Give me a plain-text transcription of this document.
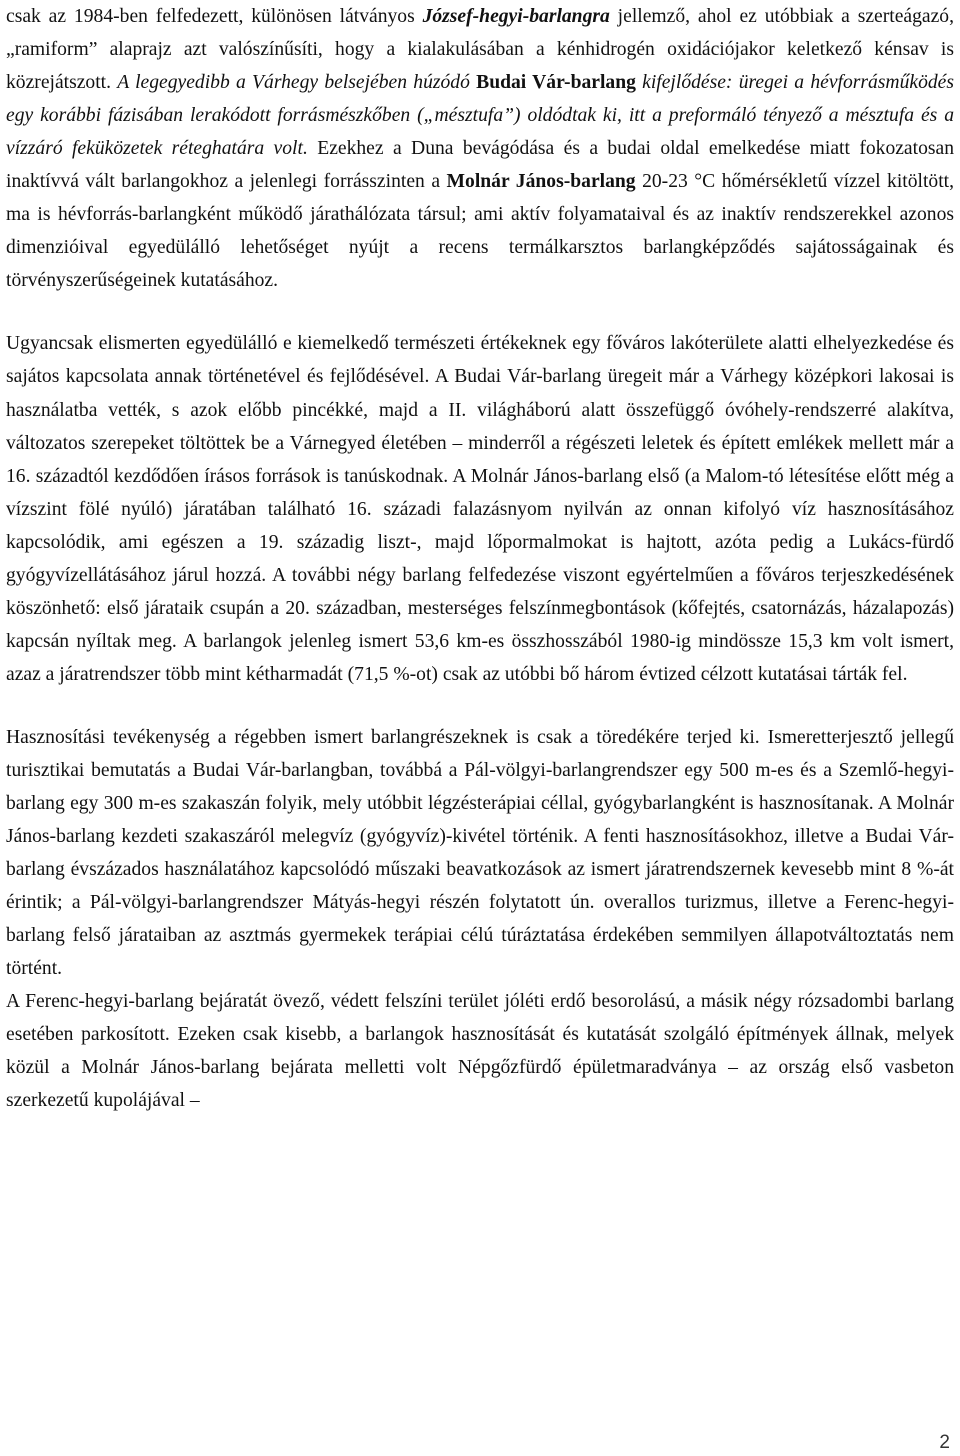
csak az 1984-ben felfedezett, különösen látványos József-hegyi-barlangra jellemző, ahol ez utóbbiak a szerteágazó, „ramiform” alaprajz azt valószínűsíti, hogy a kialakulásában a kénhidrogén oxidációjakor keletkező kénsav is közrejátszott. A legegyedibb a Várhegy belsejében húzódó Budai Vár-barlang kifejlődése: üregei a hévforrásműködés egy korábbi fázisában lerakódott forrásmészkőben („mésztufa”) oldódtak ki, itt a preformáló tényező a mésztufa és a vízzáró feküközetek réteghatára volt. Ezekhez a Duna bevágódása és a budai oldal emelkedése miatt fokozatosan inaktívvá vált barlangokhoz a jelenlegi forrásszinten a Molnár János-barlang 20-23 °C hőmérsékletű vízzel kitöltött, ma is hévforrás-barlangként működő járathálózata társul; ami aktív folyamataival és az inaktív rendszerekkel azonos dimenzióival egyedülálló lehetőséget nyújt a recens termálkarsztos barlangképződés sajátosságainak és törvényszerűségeinek kutatásához.

Ugyancsak elismerten egyedülálló e kiemelkedő természeti értékeknek egy főváros lakóterülete alatti elhelyezkedése és sajátos kapcsolata annak történetével és fejlődésével. A Budai Vár-barlang üregeit már a Várhegy középkori lakosai is használatba vették, s azok előbb pincékké, majd a II. világháború alatt összefüggő óvóhely-rendszerré alakítva, változatos szerepeket töltöttek be a Várnegyed életében – minderről a régészeti leletek és épített emlékek mellett már a 16. századtól kezdődően írásos források is tanúskodnak. A Molnár János-barlang első (a Malom-tó létesítése előtt még a vízszint fölé nyúló) járatában található 16. századi falazásnyom nyilván az onnan kifolyó víz hasznosításához kapcsolódik, ami egészen a 19. századig liszt-, majd lőpormalmokat is hajtott, azóta pedig a Lukács-fürdő gyógyvízellátásához járul hozzá. A további négy barlang felfedezése viszont egyértelműen a főváros terjeszkedésének köszönhető: első járataik csupán a 20. században, mesterséges felszínmegbontások (kőfejtés, csatornázás, házalapozás) kapcsán nyíltak meg. A barlangok jelenleg ismert 53,6 km-es összhosszából 1980-ig mindössze 15,3 km volt ismert, azaz a járatrendszer több mint kétharmadát (71,5 %-ot) csak az utóbbi bő három évtized célzott kutatásai tárták fel.

Hasznosítási tevékenység a régebben ismert barlangrészeknek is csak a töredékére terjed ki. Ismeretterjesztő jellegű turisztikai bemutatás a Budai Vár-barlangban, továbbá a Pál-völgyi-barlangrendszer egy 500 m-es és a Szemlő-hegyi-barlang egy 300 m-es szakaszán folyik, mely utóbbit légzésterápiai céllal, gyógybarlangként is hasznosítanak. A Molnár János-barlang kezdeti szakaszáról melegvíz (gyógyvíz)-kivétel történik. A fenti hasznosításokhoz, illetve a Budai Vár-barlang évszázados használatához kapcsolódó műszaki beavatkozások az ismert járatrendszernek kevesebb mint 8 %-át érintik; a Pál-völgyi-barlangrendszer Mátyás-hegyi részén folytatott ún. overallos turizmus, illetve a Ferenc-hegyi-barlang felső járataiban az asztmás gyermekek terápiai célú túráztatása érdekében semmilyen állapotváltoztatás nem történt.

A Ferenc-hegyi-barlang bejáratát övező, védett felszíni terület jóléti erdő besorolású, a másik négy rózsadombi barlang esetében parkosított. Ezeken csak kisebb, a barlangok hasznosítását és kutatását szolgáló építmények állnak, melyek közül a Molnár János-barlang bejárata melletti volt Népgőzfürdő épületmaradványa – az ország első vasbeton szerkezetű kupolájával –

2
